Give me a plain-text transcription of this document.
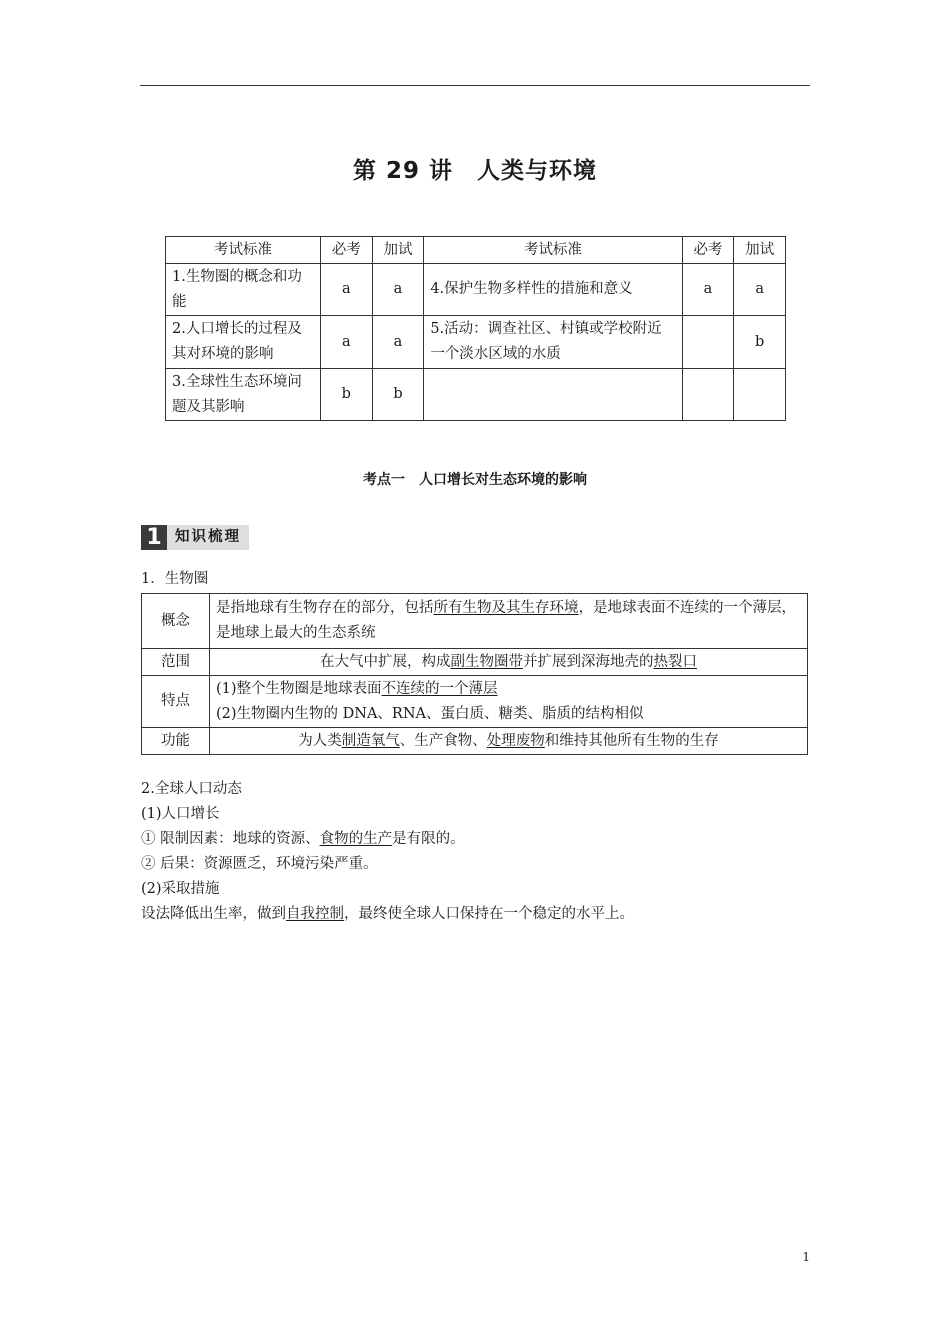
第 29 讲　人类与环境
考试标准	必考	加试	考试标准	必考	加试
1.生物圈的概念和功能	a	a	4.保护生物多样性的措施和意义	a	a
2.人口增长的过程及其对环境的影响	a	a	5.活动：调查社区、村镇或学校附近一个淡水区域的水质		b
3.全球性生态环境问题及其影响	b	b			
考点一　人口增长对生态环境的影响
1 知识梳理
1．生物圈
概念	是指地球有生物存在的部分，包括所有生物及其生存环境，是地球表面不连续的一个薄层，是地球上最大的生态系统
范围	在大气中扩展，构成副生物圈带并扩展到深海地壳的热裂口
特点	(1)整个生物圈是地球表面不连续的一个薄层
(2)生物圈内生物的 DNA、RNA、蛋白质、糖类、脂质的结构相似

功能	为人类制造氧气、生产食物、处理废物和维持其他所有生物的生存
2.全球人口动态
(1)人口增长
① 限制因素：地球的资源、食物的生产是有限的。
② 后果：资源匮乏，环境污染严重。
(2)采取措施
设法降低出生率，做到自我控制，最终使全球人口保持在一个稳定的水平上。
1
